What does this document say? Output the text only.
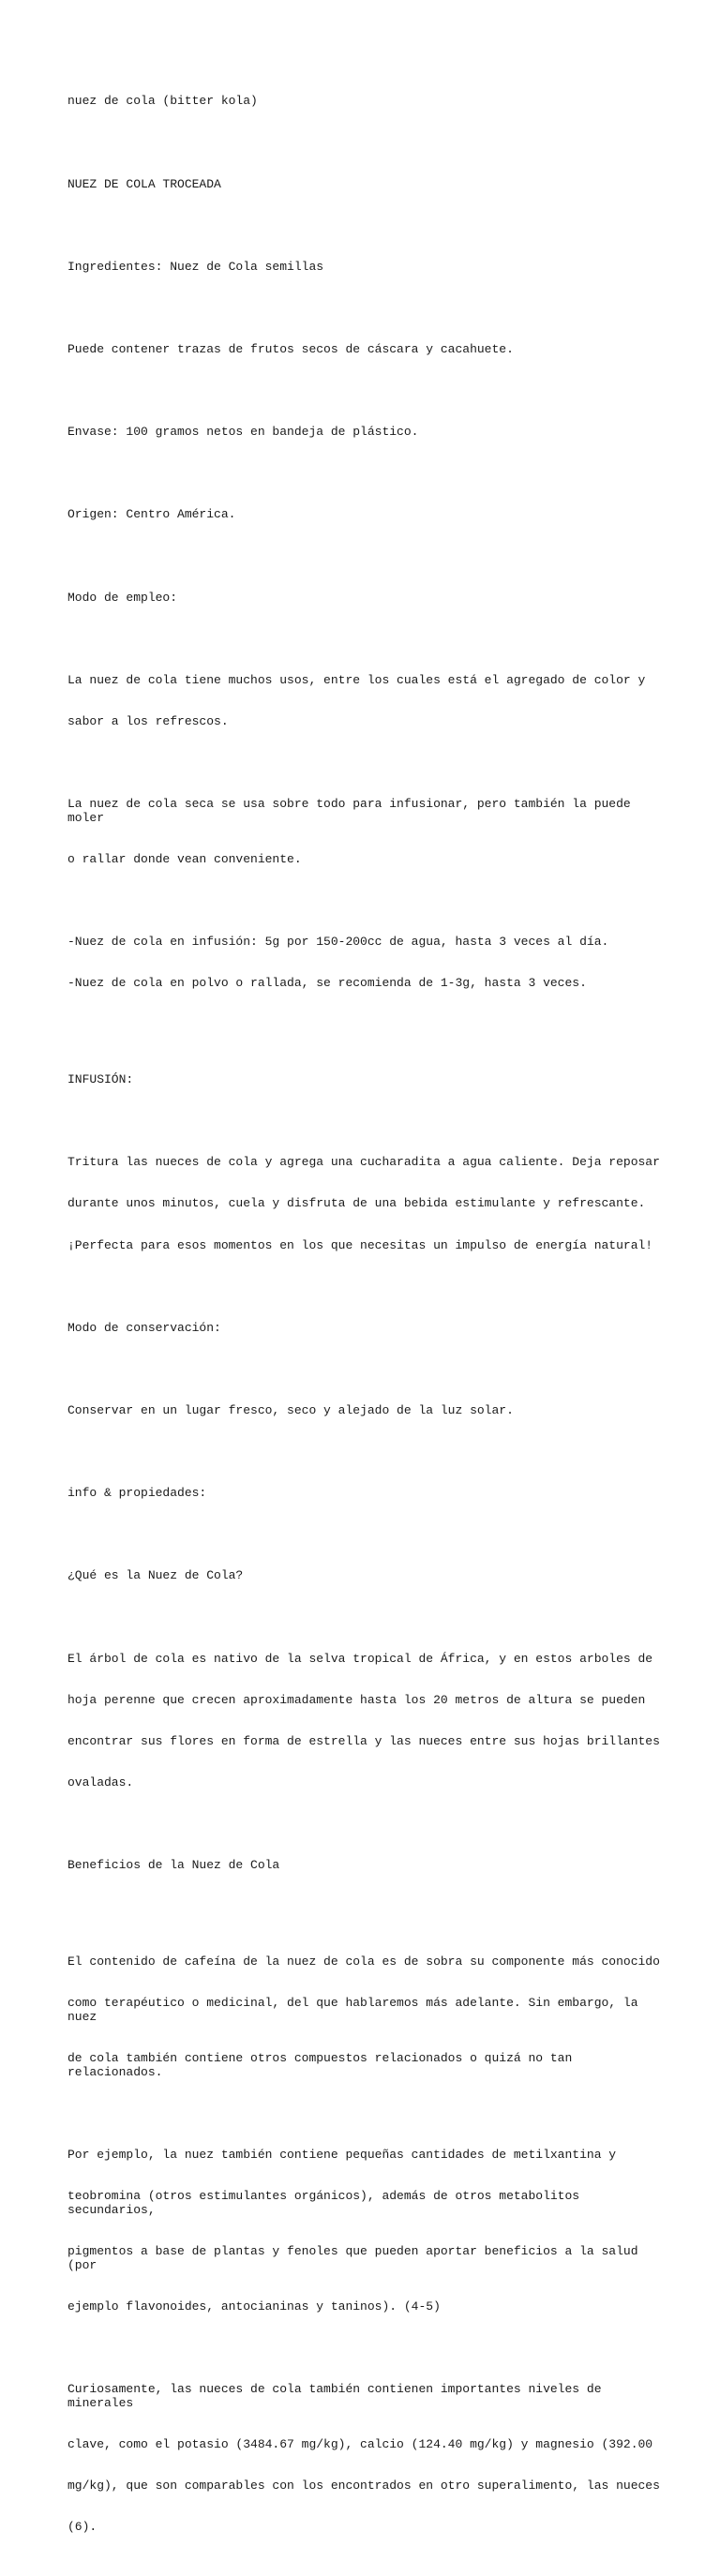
nuez de cola (bitter kola)

NUEZ DE COLA TROCEADA

Ingredientes: Nuez de Cola semillas

Puede contener trazas de frutos secos de cáscara y cacahuete.

Envase: 100 gramos netos en bandeja de plástico.

Origen: Centro América.

Modo de empleo:

La nuez de cola tiene muchos usos, entre los cuales está el agregado de color y

sabor a los refrescos.

La nuez de cola seca se usa sobre todo para infusionar, pero también la puede moler

o rallar donde vean conveniente.

-Nuez de cola en infusión: 5g por 150-200cc de agua, hasta 3 veces al día.

-Nuez de cola en polvo o rallada, se recomienda de 1-3g, hasta 3 veces.

INFUSIÓN:

Tritura las nueces de cola y agrega una cucharadita a agua caliente. Deja reposar

durante unos minutos, cuela y disfruta de una bebida estimulante y refrescante.

¡Perfecta para esos momentos en los que necesitas un impulso de energía natural!

Modo de conservación:

Conservar en un lugar fresco, seco y alejado de la luz solar.

info & propiedades:

¿Qué es la Nuez de Cola?

El árbol de cola es nativo de la selva tropical de África, y en estos arboles de

hoja perenne que crecen aproximadamente hasta los 20 metros de altura se pueden

encontrar sus flores en forma de estrella y las nueces entre sus hojas brillantes

ovaladas.

Beneficios de la Nuez de Cola

El contenido de cafeína de la nuez de cola es de sobra su componente más conocido

como terapéutico o medicinal, del que hablaremos más adelante. Sin embargo, la nuez

de cola también contiene otros compuestos relacionados o quizá no tan relacionados.

Por ejemplo, la nuez también contiene pequeñas cantidades de metilxantina y

teobromina (otros estimulantes orgánicos), además de otros metabolitos secundarios,

pigmentos a base de plantas y fenoles que pueden aportar beneficios a la salud (por

ejemplo flavonoides, antocianinas y taninos). (4-5)

Curiosamente, las nueces de cola también contienen importantes niveles de minerales

clave, como el potasio (3484.67 mg/kg), calcio (124.40 mg/kg) y magnesio (392.00

mg/kg), que son comparables con los encontrados en otro superalimento, las nueces

(6).
